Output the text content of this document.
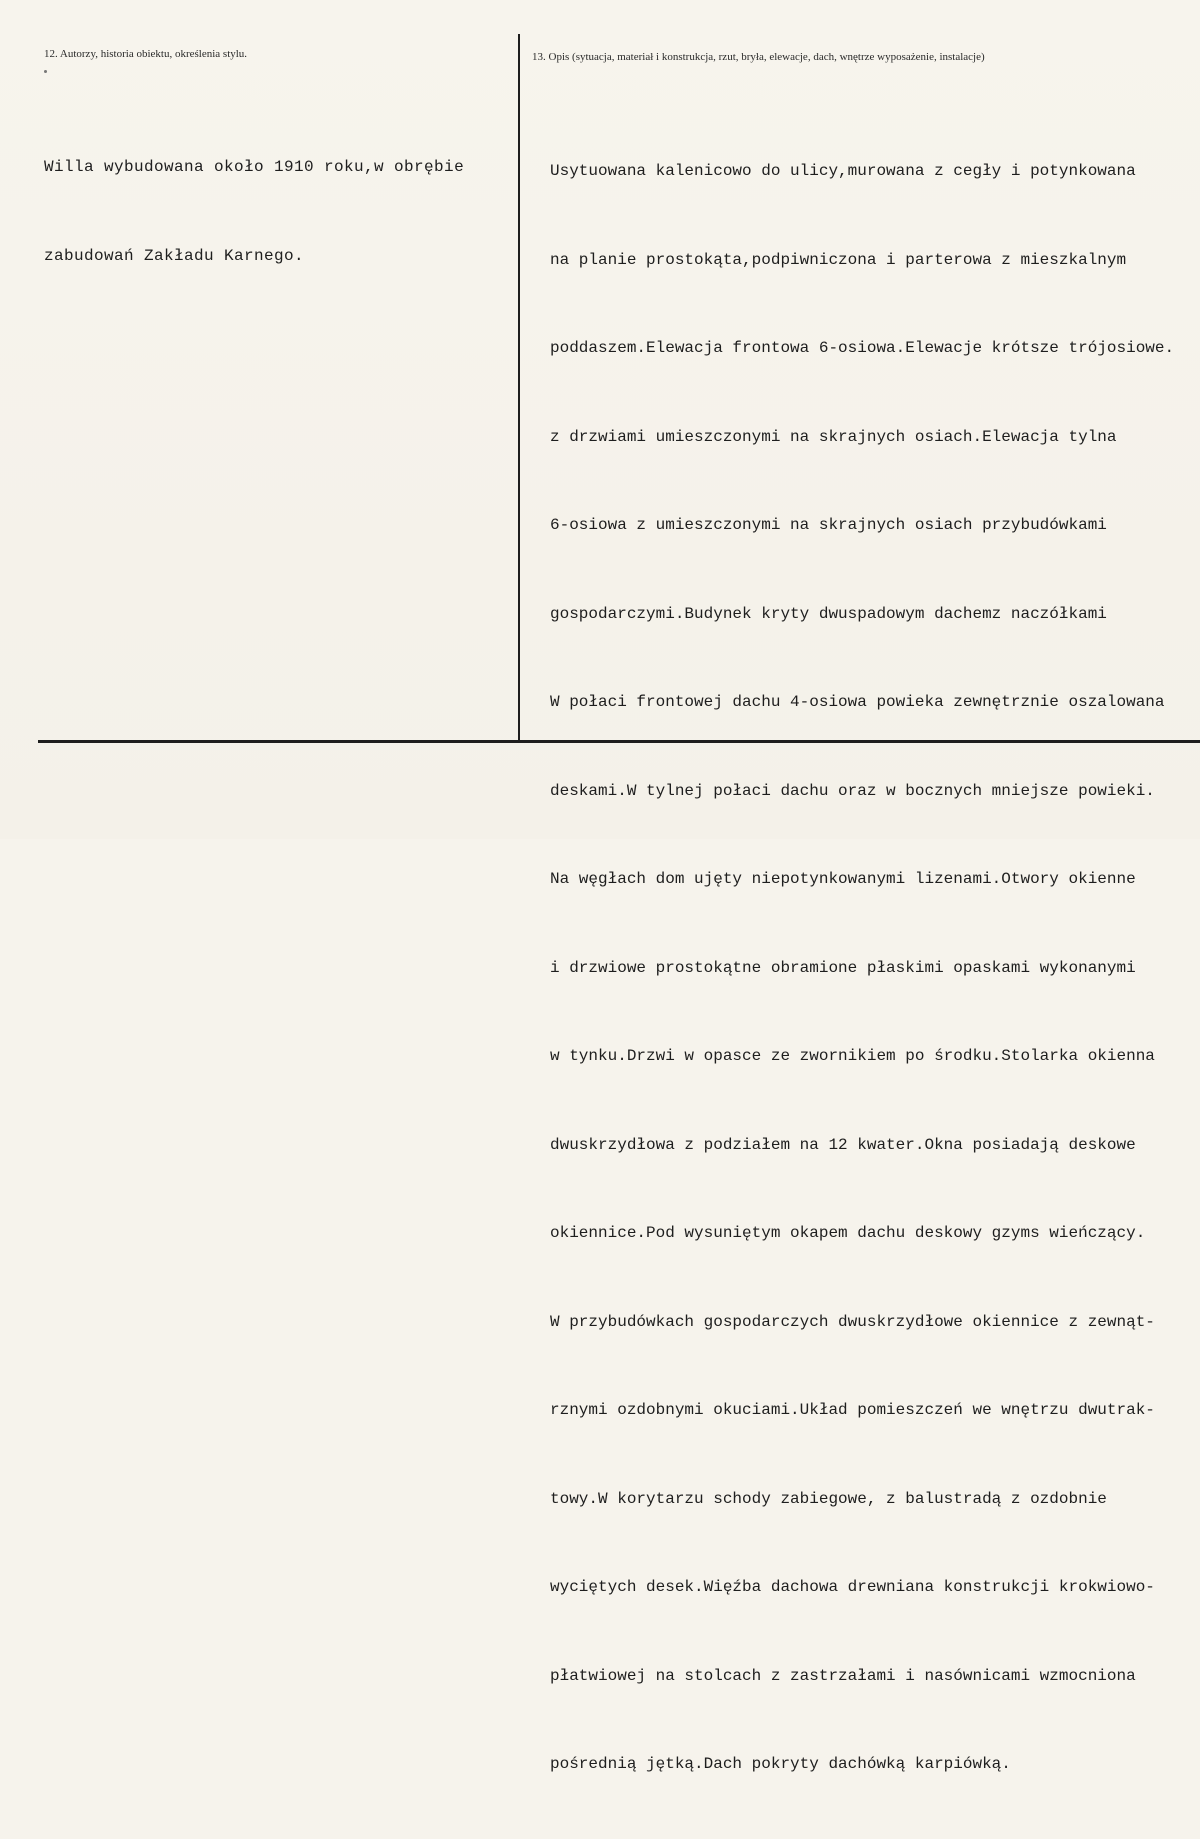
12. Autorzy, historia obiektu, określenia stylu.	13. Opis (sytuacja, materiał i konstrukcja, rzut, bryła, elewacje, dach, wnętrze wyposażenie, instalacje)

Willa wybudowana około 1910 roku,w obrębie

zabudowań Zakładu Karnego.

Usytuowana kalenicowo do ulicy,murowana z cegły i potynkowana

na planie prostokąta,podpiwniczona i parterowa z mieszkalnym

poddaszem.Elewacja frontowa 6-osiowa.Elewacje krótsze trójosiowe.

z drzwiami umieszczonymi na skrajnych osiach.Elewacja tylna

6-osiowa z umieszczonymi na skrajnych osiach przybudówkami

gospodarczymi.Budynek kryty dwuspadowym dachemz naczółkami

W połaci frontowej dachu 4-osiowa powieka zewnętrznie oszalowana

deskami.W tylnej połaci dachu oraz w bocznych mniejsze powieki.

Na węgłach dom ujęty niepotynkowanymi lizenami.Otwory okienne

i drzwiowe prostokątne obramione płaskimi opaskami wykonanymi

w tynku.Drzwi w opasce ze zwornikiem po środku.Stolarka okienna

dwuskrzydłowa z podziałem na 12 kwater.Okna posiadają deskowe

okiennice.Pod wysuniętym okapem dachu deskowy gzyms wieńczący.

W przybudówkach gospodarczych dwuskrzydłowe okiennice z zewnąt-

rznymi ozdobnymi okuciami.Układ pomieszczeń we wnętrzu dwutrak-

towy.W korytarzu schody zabiegowe, z balustradą z ozdobnie

wyciętych desek.Więźba dachowa drewniana konstrukcji krokwiowo-

płatwiowej na stolcach z zastrzałami i nasównicami wzmocniona

pośrednią jętką.Dach pokryty dachówką karpiówką.
